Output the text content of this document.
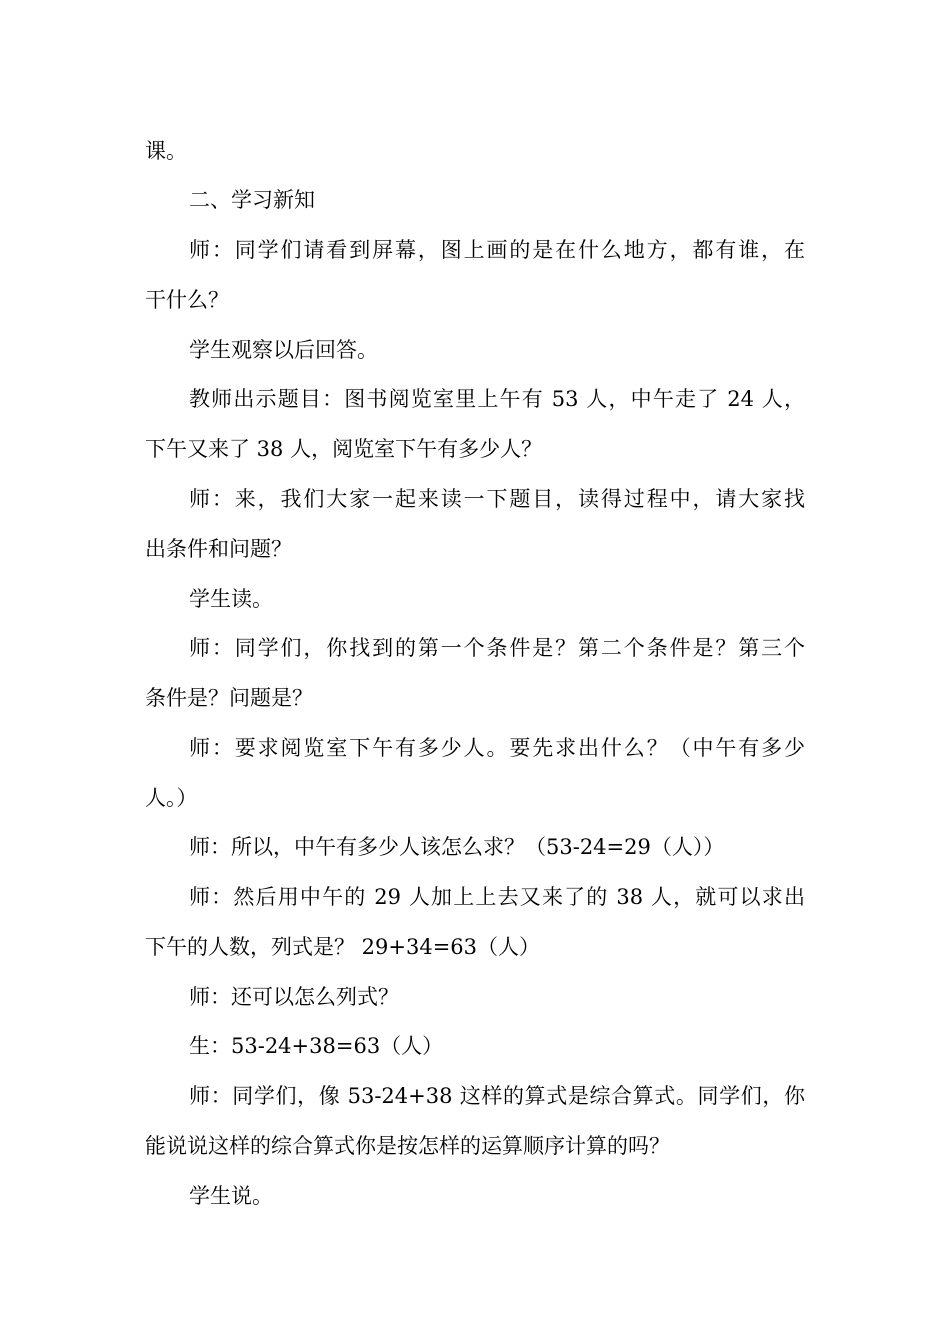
课。

二、学习新知

师：同学们请看到屏幕，图上画的是在什么地方，都有谁，在

干什么？

学生观察以后回答。

教师出示题目：图书阅览室里上午有 53 人，中午走了 24 人，

下午又来了 38 人，阅览室下午有多少人？

师：来，我们大家一起来读一下题目，读得过程中，请大家找

出条件和问题？

学生读。

师：同学们，你找到的第一个条件是？第二个条件是？第三个

条件是？问题是？

师：要求阅览室下午有多少人。要先求出什么？（中午有多少

人。）

师：所以，中午有多少人该怎么求？（53-24=29（人））

师：然后用中午的 29 人加上上去又来了的 38 人，就可以求出

下午的人数，列式是？ 29+34=63（人）

师：还可以怎么列式？

生：53-24+38=63（人）

师：同学们，像 53-24+38 这样的算式是综合算式。同学们，你

能说说这样的综合算式你是按怎样的运算顺序计算的吗？

学生说。
